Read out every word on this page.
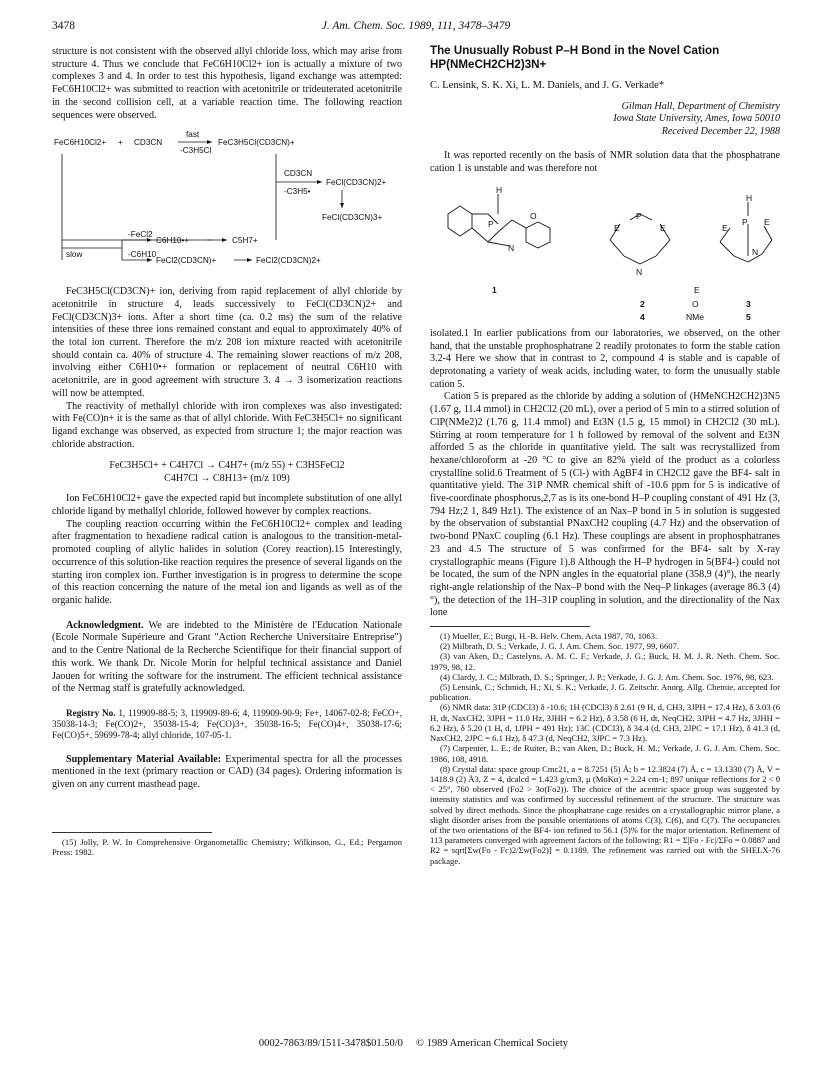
3478	J. Am. Chem. Soc. 1989, 111, 3478–3479

structure is not consistent with the observed allyl chloride loss, which may arise from structure 4. Thus we conclude that FeC6H10Cl2+ ion is actually a mixture of two complexes 3 and 4. In order to test this hypothesis, ligand exchange was attempted: FeC6H10Cl2+ was submitted to reaction with acetonitrile or trideuterated acetonitrile in the second collision cell, at a variable reaction time. The following reaction sequences were observed.

FeC6H10Cl2+ + CD3CN
fast
-C3H5Cl
FeC3H5Cl(CD3CN)+
CD3CN
-C3H5•
FeCl(CD3CN)2+
FeCl(CD3CN)3+
slow
-FeCl2
C6H10•+	C5H7+
-C6H10
FeCl2(CD3CN)+	FeCl2(CD3CN)2+

FeC3H5Cl(CD3CN)+ ion, deriving from rapid replacement of allyl chloride by acetonitrile in structure 4, leads successively to FeCl(CD3CN)2+ and FeCl(CD3CN)3+ ions. After a short time (ca. 0.2 ms) the sum of the relative intensities of these three ions remained constant and equal to approximately 40% of the total ion current. Therefore the m/z 208 ion mixture reacted with acetonitrile should contain ca. 40% of structure 4. The remaining slower reactions of m/z 208, involving either C6H10•+ formation or replacement of neutral C6H10 with acetonitrile, are in good agreement with structure 3. 4 → 3 isomerization reactions will now be attempted.

The reactivity of methallyl chloride with iron complexes was also investigated: with Fe(CO)n+ it is the same as that of allyl chloride. With FeC3H5Cl+ no significant ligand exchange was observed, as expected from structure 1; the major reaction was chloride abstraction.

FeC3H5Cl+ + C4H7Cl → C4H7+ (m/z 55) + C3H5FeCl2
C4H7Cl → C8H13+ (m/z 109)

Ion FeC6H10Cl2+ gave the expected rapid but incomplete substitution of one allyl chloride ligand by methallyl chloride, followed however by complex reactions.

The coupling reaction occurring within the FeC6H10Cl2+ complex and leading after fragmentation to hexadiene radical cation is analogous to the transition-metal-promoted coupling of allylic halides in solution (Corey reaction).15 Interestingly, occurrence of this solution-like reaction requires the presence of several ligands on the starting iron complex ion. Further investigation is in progress to determine the scope of this reaction concerning the nature of the metal ion and ligands as well as of the organic halide.

Acknowledgment. We are indebted to the Ministère de l'Education Nationale (Ecole Normale Supérieure and Grant "Action Recherche Universitaire Entreprise") and to the Centre National de la Recherche Scientifique for their financial support of this work. We thank Dr. Nicole Morin for helpful technical assistance and Daniel Jaouen for writing the software for the instrument. The efficient technical assistance of the Nermag staff is gratefully acknowledged.

Registry No. 1, 119909-88-5; 3, 119909-89-6; 4, 119909-90-9; Fe+, 14067-02-8; FeCO+, 35038-14-3; Fe(CO)2+, 35038-15-4; Fe(CO)3+, 35038-16-5; Fe(CO)4+, 35038-17-6; Fe(CO)5+, 59699-78-4; allyl chloride, 107-05-1.

Supplementary Material Available: Experimental spectra for all the processes mentioned in the text (primary reaction or CAD) (34 pages). Ordering information is given on any current masthead page.

(15) Jolly, P. W. In Comprehensive Organometallic Chemistry; Wilkinson, G., Ed.; Pergamon Press: 1982.

The Unusually Robust P–H Bond in the Novel Cation
HP(NMeCH2CH2)3N+
C. Lensink, S. K. Xi, L. M. Daniels, and J. G. Verkade*
Gilman Hall, Department of Chemistry
Iowa State University, Ames, Iowa 50010
Received December 22, 1988

It was reported recently on the basis of NMR solution data that the phosphatrane cation 1 is unstable and was therefore not

H
P
N
O
1
P
E	E
N
H
P
E
E
N
E
2	O	3
4	NMe	5

isolated.1 In earlier publications from our laboratories, we observed, on the other hand, that the unstable prophosphatrane 2 readily protonates to form the stable cation 3.2-4 Here we show that in contrast to 2, compound 4 is stable and is capable of deprotonating a variety of weak acids, including water, to form the unusually stable cation 5.

Cation 5 is prepared as the chloride by adding a solution of (HMeNCH2CH2)3N5 (1.67 g, 11.4 mmol) in CH2Cl2 (20 mL), over a period of 5 min to a stirred solution of ClP(NMe2)2 (1.76 g, 11.4 mmol) and Et3N (1.5 g, 15 mmol) in CH2Cl2 (30 mL). Stirring at room temperature for 1 h followed by removal of the solvent and Et3N afforded 5 as the chloride in quantitative yield. The salt was recrystallized from hexane/chloroform at -20 °C to give an 82% yield of the product as a colorless crystalline solid.6 Treatment of 5 (Cl-) with AgBF4 in CH2Cl2 gave the BF4- salt in quantitative yield. The 31P NMR chemical shift of -10.6 ppm for 5 is indicative of five-coordinate phosphorus,2,7 as is its one-bond H–P coupling constant of 491 Hz (3, 794 Hz;2 1, 849 Hz1). The existence of an Nax–P bond in 5 in solution is suggested by the observation of substantial PNaxCH2 coupling (4.7 Hz) and the observation of two-bond PNaxC coupling (6.1 Hz). These couplings are absent in prophosphatranes 23 and 4.5 The structure of 5 was confirmed for the BF4- salt by X-ray crystallographic means (Figure 1).8 Although the H–P hydrogen in 5(BF4-) could not be located, the sum of the NPN angles in the equatorial plane (358.9 (4)°), the nearly right-angle relationship of the Nax–P bond with the Neq–P linkages (average 86.3 (4)°), the detection of the 1H–31P coupling in solution, and the directionality of the Nax lone

(1) Mueller, E.; Burgi, H.-B. Helv. Chem. Acta 1987, 70, 1063.

(2) Milbrath, D. S.; Verkade, J. G. J. Am. Chem. Soc. 1977, 99, 6607.

(3) van Aken, D.; Castelyns, A. M. C. F.; Verkade, J. G.; Buck, H. M. J. R. Neth. Chem. Soc. 1979, 98, 12.

(4) Clardy, J. C.; Milbrath, D. S.; Springer, J. P.; Verkade, J. G. J. Am. Chem. Soc. 1976, 98, 623.

(5) Lensink, C.; Schmidt, H.; Xi, S. K.; Verkade, J. G. Zeitschr. Anorg. Allg. Chemie, accepted for publication.

(6) NMR data: 31P (CDCl3) δ -10.6; 1H (CDCl3) δ 2.61 (9 H, d, CH3, 3JPH = 17.4 Hz), δ 3.03 (6 H, dt, NaxCH2, 3JPH = 11.0 Hz, 3JHH = 6.2 Hz), δ 3.58 (6 H, dt, NeqCH2, 3JPH = 4.7 Hz, 3JHH = 6.2 Hz), δ 5.20 (1 H, d, 1JPH = 491 Hz); 13C (CDCl3), δ 34.4 (d, CH3, 2JPC = 17.1 Hz), δ 41.3 (d, NaxCH2, 2JPC = 6.1 Hz), δ 47.3 (d, NeqCH2, 3JPC = 7.3 Hz).

(7) Carpenter, L. E.; de Ruiter, B.; van Aken, D.; Buck, H. M.; Verkade, J. G. J. Am. Chem. Soc. 1986, 108, 4918.

(8) Crystal data: space group Cmc21, a = 8.7251 (5) Å; b = 12.3824 (7) Å, c = 13.1330 (7) Å, V = 1418.9 (2) Å3, Z = 4, dcalcd = 1.423 g/cm3, μ (MoKα) = 2.24 cm-1; 897 unique reflections for 2 < θ < 25°, 760 observed (Fo2 > 3σ(Fo2)). The choice of the acentric space group was suggested by intensity statistics and was confirmed by successful refinement of the structure. The structure was solved by direct methods. Since the phosphatrane cage resides on a crystallographic mirror plane, a slight disorder arises from the possible orientations of atoms C(3), C(6), and C(7). The occupancies of the two orientations of the BF4- ion refined to 56.1 (5)% for the major orientation. Refinement of 113 parameters converged with agreement factors of the following: R1 = Σ|Fo - Fc|/ΣFo = 0.0887 and R2 = sqrt[Σw(Fo - Fc)2/Σw(Fo2)] = 0.1189. The refinement was carried out with the SHELX-76 package.

0002-7863/89/1511-3478$01.50/0 © 1989 American Chemical Society
